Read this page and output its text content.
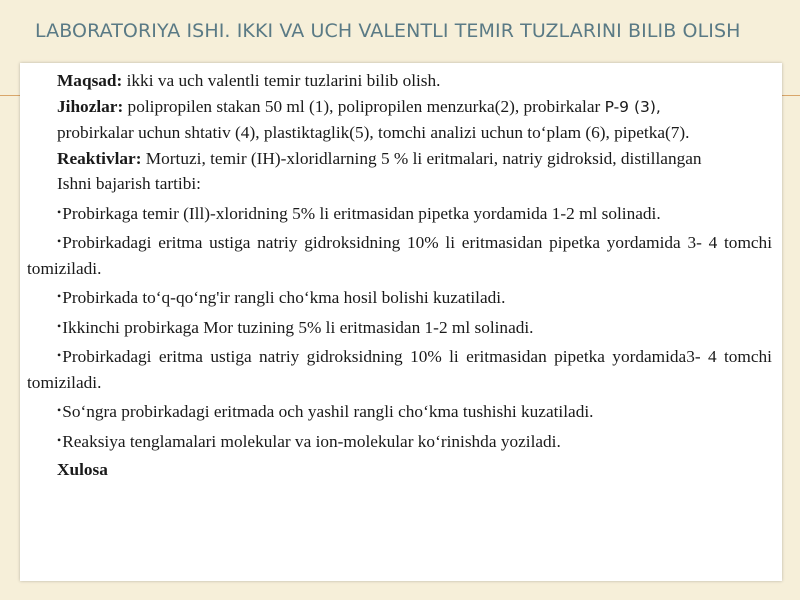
LABORATORIYA ISHI. IKKI VA UCH VALENTLI TEMIR TUZLARINI BILIB OLISH

Maqsad: ikki va uch valentli temir tuzlarini bilib olish.

Jihozlar: polipropilen stakan 50 ml (1), polipropilen menzurka(2), probirkalar P-9 (3),

probirkalar uchun shtativ (4), plastiktaglik(5), tomchi analizi uchun to‘plam (6), pipetka(7).

Reaktivlar: Mortuzi, temir (IH)-xloridlarning 5 % li eritmalari, natriy gidroksid, distillangan

Ishni bajarish tartibi:

•Probirkaga temir (Ill)-xloridning 5% li eritmasidan pipetka yordamida 1-2 ml solinadi.

•Probirkadagi eritma ustiga natriy gidroksidning 10% li eritmasidan pipetka yordamida 3- 4 tomchi tomiziladi.

•Probirkada to‘q-qo‘ng'ir rangli cho‘kma hosil bolishi kuzatiladi.

•Ikkinchi probirkaga Mor tuzining 5% li eritmasidan 1-2 ml solinadi.

•Probirkadagi eritma ustiga natriy gidroksidning 10% li eritmasidan pipetka yordamida3- 4 tomchi tomiziladi.

•So‘ngra probirkadagi eritmada och yashil rangli cho‘kma tushishi kuzatiladi.

•Reaksiya tenglamalari molekular va ion-molekular ko‘rinishda yoziladi.

Xulosa
